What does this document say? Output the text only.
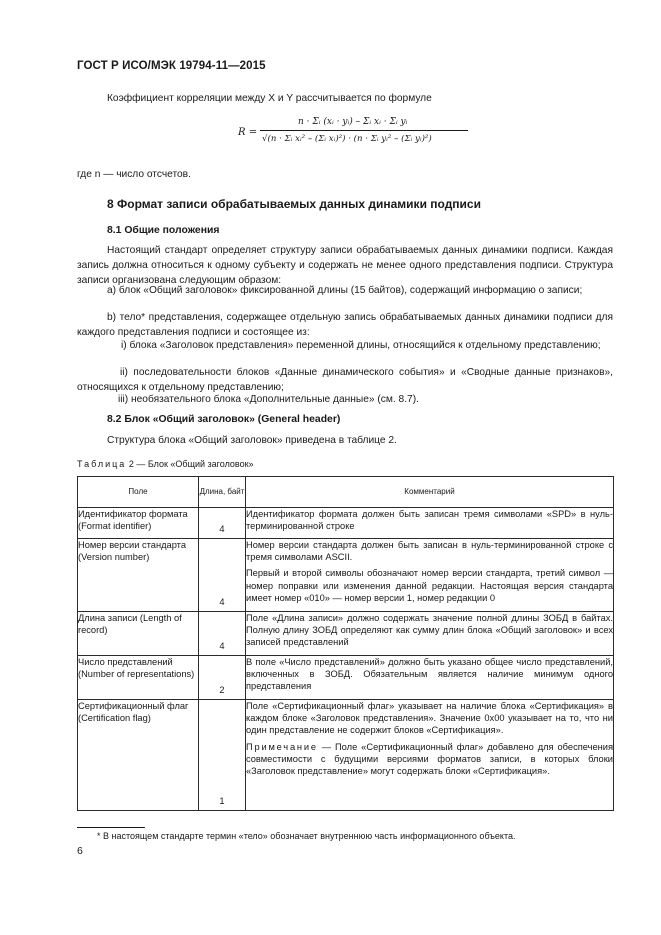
ГОСТ Р ИСО/МЭК 19794-11—2015
Коэффициент корреляции между X и Y рассчитывается по формуле
R =
n · Σᵢ (xᵢ · yᵢ) – Σᵢ xᵢ · Σᵢ yᵢ
√(n · Σᵢ xᵢ² – (Σᵢ xᵢ)²) · (n · Σᵢ yᵢ² – (Σᵢ yᵢ)²)
где n — число отсчетов.
8 Формат записи обрабатываемых данных динамики подписи
8.1 Общие положения
Настоящий стандарт определяет структуру записи обрабатываемых данных динамики подписи. Каждая запись должна относиться к одному субъекту и содержать не менее одного представления подписи. Структура записи организована следующим образом:
a) блок «Общий заголовок» фиксированной длины (15 байтов), содержащий информацию о записи;
b) тело* представления, содержащее отдельную запись обрабатываемых данных динамики подписи для каждого представления подписи и состоящее из:
i) блока «Заголовок представления» переменной длины, относящийся к отдельному представлению;
ii) последовательности блоков «Данные динамического события» и «Сводные данные признаков», относящихся к отдельному представлению;
iii) необязательного блока «Дополнительные данные» (см. 8.7).
8.2 Блок «Общий заголовок» (General header)
Структура блока «Общий заголовок» приведена в таблице 2.
Таблица 2 — Блок «Общий заголовок»
Поле	Длина, байт	Комментарий
Идентификатор формата (Format identifier)	4	Идентификатор формата должен быть записан тремя символами «SPD» в нуль-терминированной строке

Номер версии стандарта (Version number)	4	Номер версии стандарта должен быть записан в нуль-терминированной строке с тремя символами ASCII.

Первый и второй символы обозначают номер версии стандарта, третий символ — номер поправки или изменения данной редакции. Настоящая версия стандарта имеет номер «010» — номер версии 1, номер редакции 0

Длина записи (Length of record)	4	Поле «Длина записи» должно содержать значение полной длины ЗОБД в байтах. Полную длину ЗОБД определяют как сумму длин блока «Общий заголовок» и всех записей представлений

Число представлений (Number of representations)	2	В поле «Число представлений» должно быть указано общее число представлений, включенных в ЗОБД. Обязательным является наличие минимум одного представления

Сертификационный флаг (Certification flag)	1	Поле «Сертификационный флаг» указывает на наличие блока «Сертификация» в каждом блоке «Заголовок представления». Значение 0x00 указывает на то, что ни один представление не содержит блоков «Сертификация».

Примечание — Поле «Сертификационный флаг» добавлено для обеспечения совместимости с будущими версиями форматов записи, в которых блоки «Заголовок представление» могут содержать блоки «Сертификация».

* В настоящем стандарте термин «тело» обозначает внутреннюю часть информационного объекта.
6
